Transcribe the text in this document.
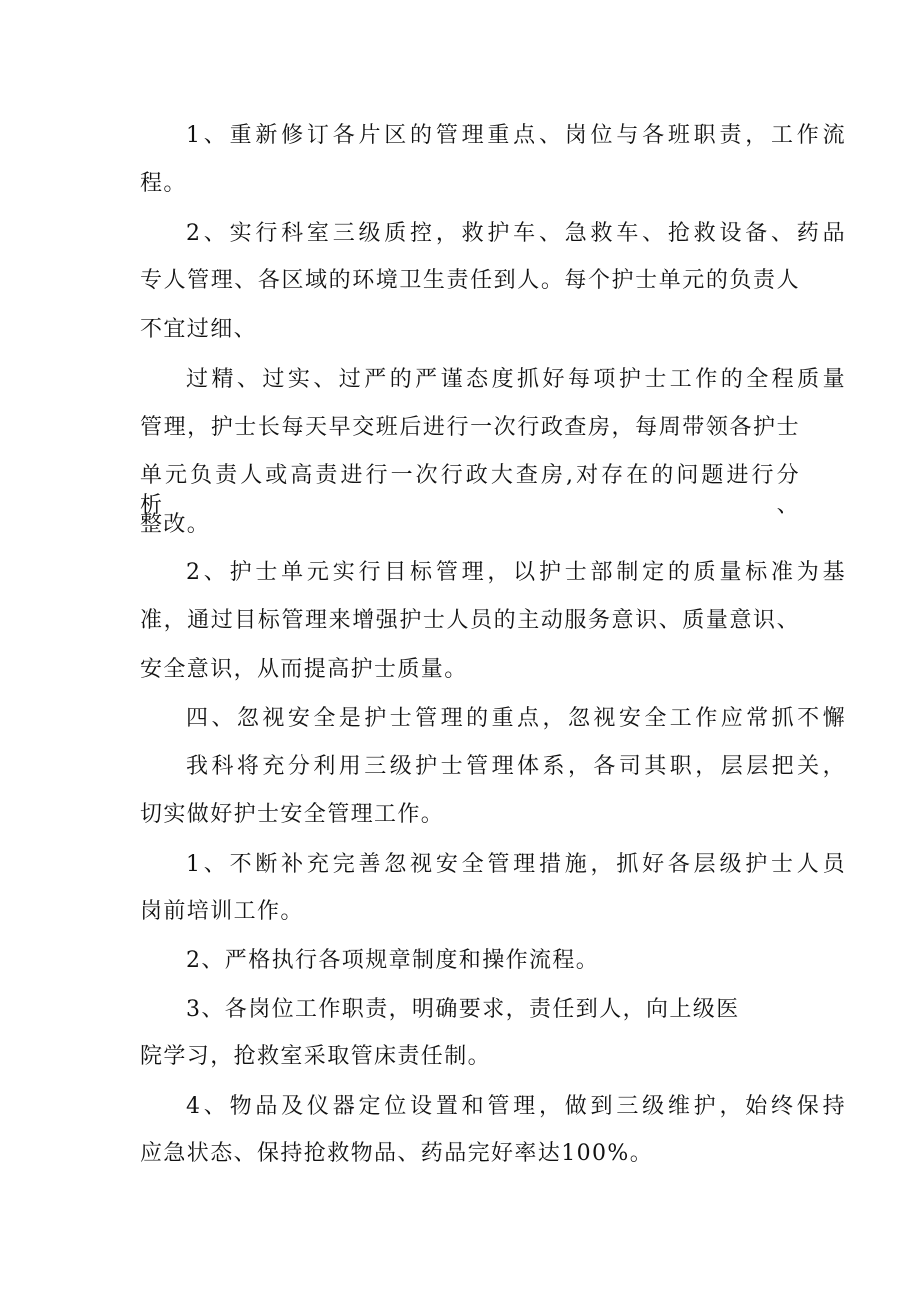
1、重新修订各片区的管理重点、岗位与各班职责，工作流

程。

2、实行科室三级质控，救护车、急救车、抢救设备、药品

专人管理、各区域的环境卫生责任到人。每个护士单元的负责人

不宜过细、

过精、过实、过严的严谨态度抓好每项护士工作的全程质量

管理，护士长每天早交班后进行一次行政查房，每周带领各护士

单元负责人或高责进行一次行政大查房,对存在的问题进行分析、

整改。

2、护士单元实行目标管理，以护士部制定的质量标准为基

准，通过目标管理来增强护士人员的主动服务意识、质量意识、

安全意识，从而提高护士质量。

四、忽视安全是护士管理的重点，忽视安全工作应常抓不懈

我科将充分利用三级护士管理体系，各司其职，层层把关，

切实做好护士安全管理工作。

1、不断补充完善忽视安全管理措施，抓好各层级护士人员

岗前培训工作。

2、严格执行各项规章制度和操作流程。

3、各岗位工作职责，明确要求，责任到人，向上级医

院学习，抢救室采取管床责任制。

4、物品及仪器定位设置和管理，做到三级维护，始终保持

应急状态、保持抢救物品、药品完好率达100%。
